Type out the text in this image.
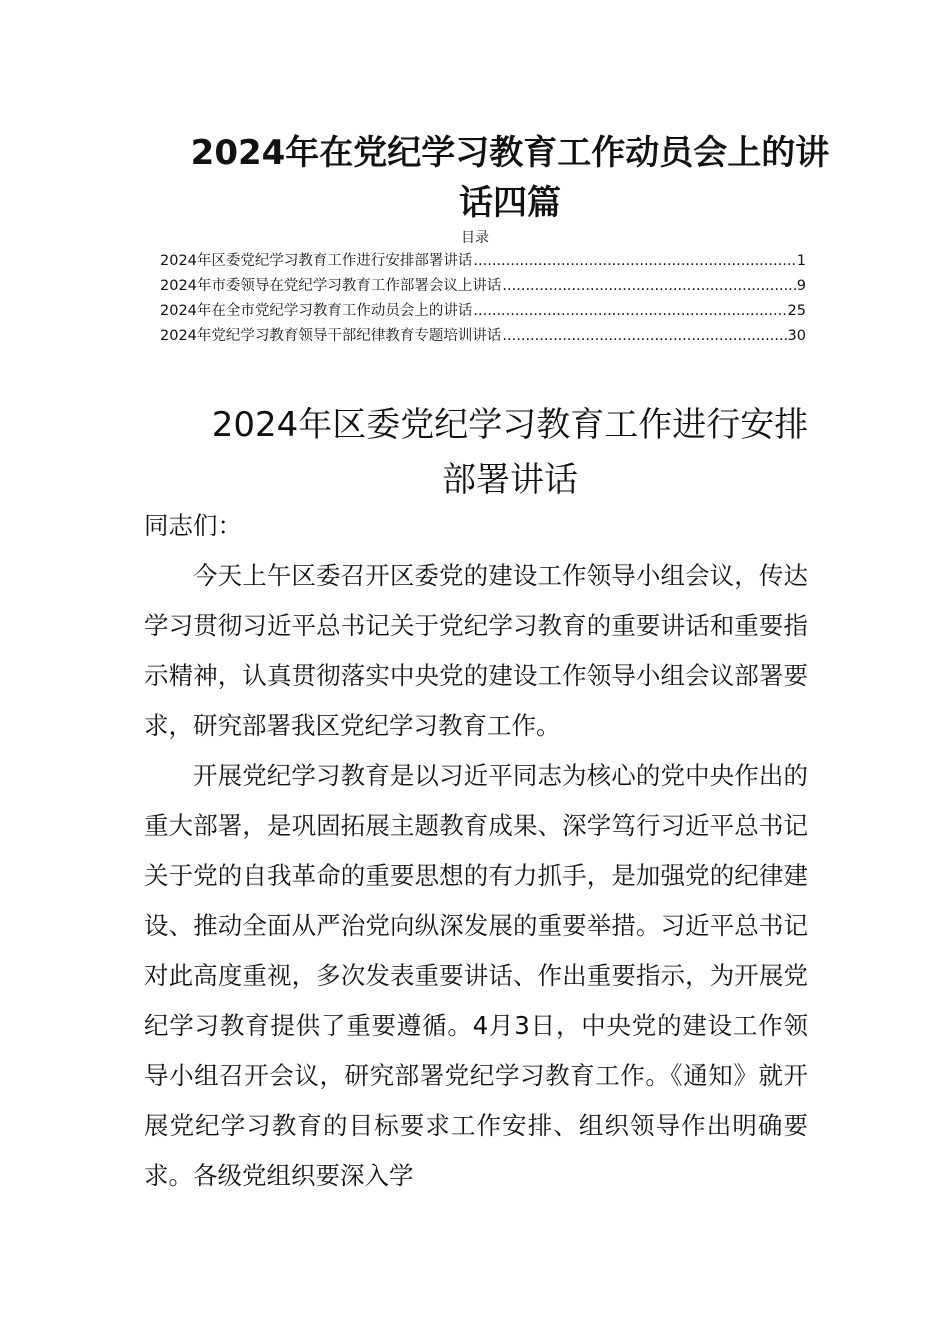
2024年在党纪学习教育工作动员会上的讲话四篇
目录
2024年区委党纪学习教育工作进行安排部署讲话 .....	1
2024年市委领导在党纪学习教育工作部署会议上讲话 .....	9
2024年在全市党纪学习教育工作动员会上的讲话 .....	25
2024年党纪学习教育领导干部纪律教育专题培训讲话 .....	30
2024年区委党纪学习教育工作进行安排部署讲话

同志们：

今天上午区委召开区委党的建设工作领导小组会议，传达学习贯彻习近平总书记关于党纪学习教育的重要讲话和重要指示精神，认真贯彻落实中央党的建设工作领导小组会议部署要求，研究部署我区党纪学习教育工作。

开展党纪学习教育是以习近平同志为核心的党中央作出的重大部署，是巩固拓展主题教育成果、深学笃行习近平总书记关于党的自我革命的重要思想的有力抓手，是加强党的纪律建设、推动全面从严治党向纵深发展的重要举措。习近平总书记对此高度重视，多次发表重要讲话、作出重要指示，为开展党纪学习教育提供了重要遵循。4月3日，中央党的建设工作领导小组召开会议，研究部署党纪学习教育工作。《通知》就开展党纪学习教育的目标要求工作安排、组织领导作出明确要求。各级党组织要深入学
